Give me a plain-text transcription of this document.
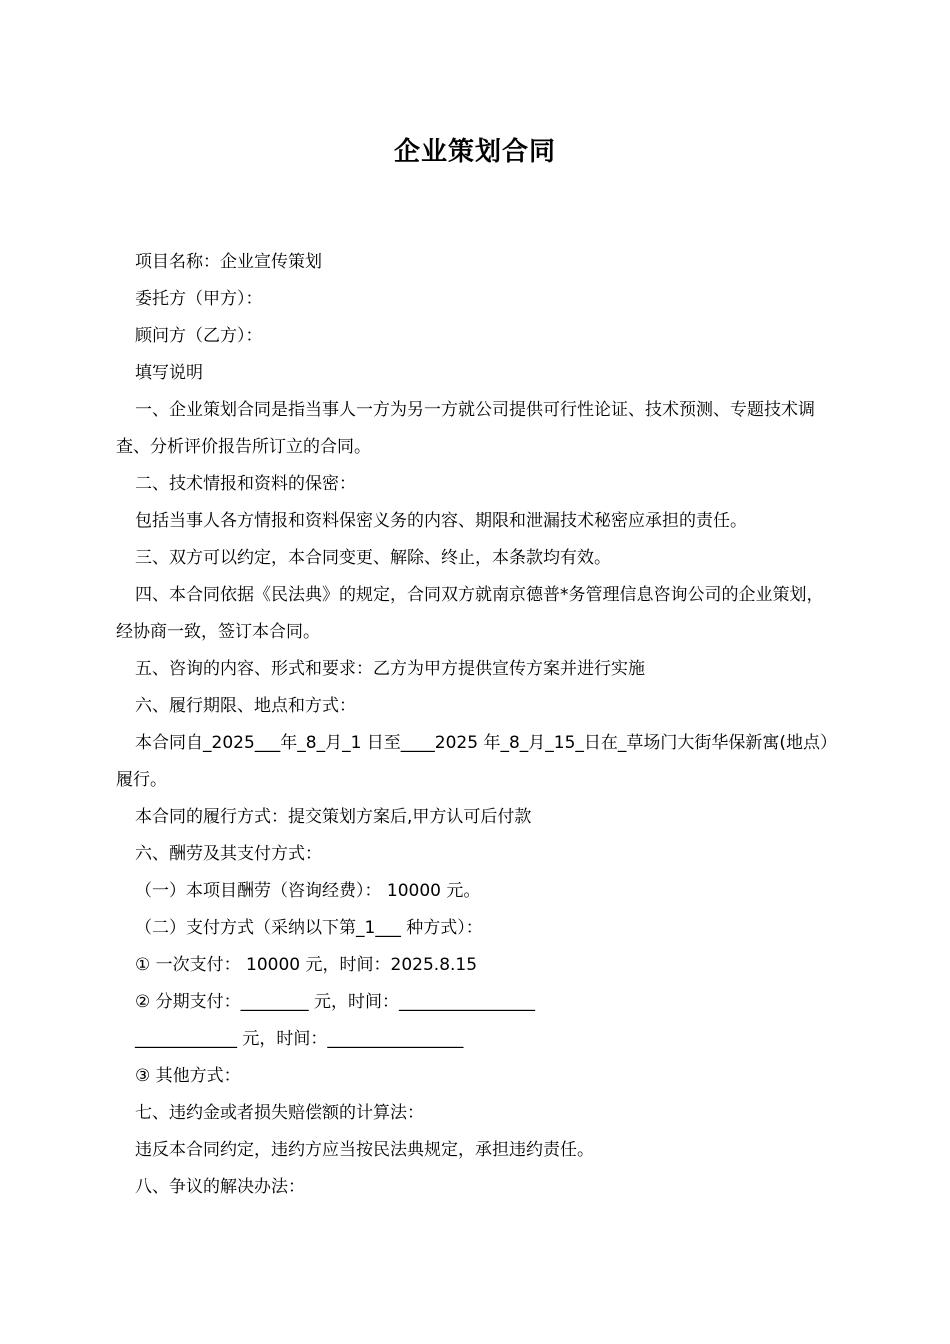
企业策划合同

项目名称：企业宣传策划

委托方（甲方）：

顾问方（乙方）：

填写说明

一、企业策划合同是指当事人一方为另一方就公司提供可行性论证、技术预测、专题技术调查、分析评价报告所订立的合同。

二、技术情报和资料的保密：

包括当事人各方情报和资料保密义务的内容、期限和泄漏技术秘密应承担的责任。

三、双方可以约定，本合同变更、解除、终止，本条款均有效。

四、本合同依据《民法典》的规定，合同双方就南京德普*务管理信息咨询公司的企业策划，经协商一致，签订本合同。

五、咨询的内容、形式和要求：乙方为甲方提供宣传方案并进行实施

六、履行期限、地点和方式：

本合同自_2025___年_8_月_1 日至____2025 年_8_月_15_日在_草场门大街华保新寓(地点）履行。

本合同的履行方式：提交策划方案后,甲方认可后付款

六、酬劳及其支付方式：

（一）本项目酬劳（咨询经费）： 10000 元。

（二）支付方式（采纳以下第_1___ 种方式）：

① 一次支付： 10000 元，时间：2025.8.15

② 分期支付：________ 元，时间：________________

____________ 元，时间：________________

③ 其他方式：

七、违约金或者损失赔偿额的计算法：

违反本合同约定，违约方应当按民法典规定，承担违约责任。

八、争议的解决办法：
